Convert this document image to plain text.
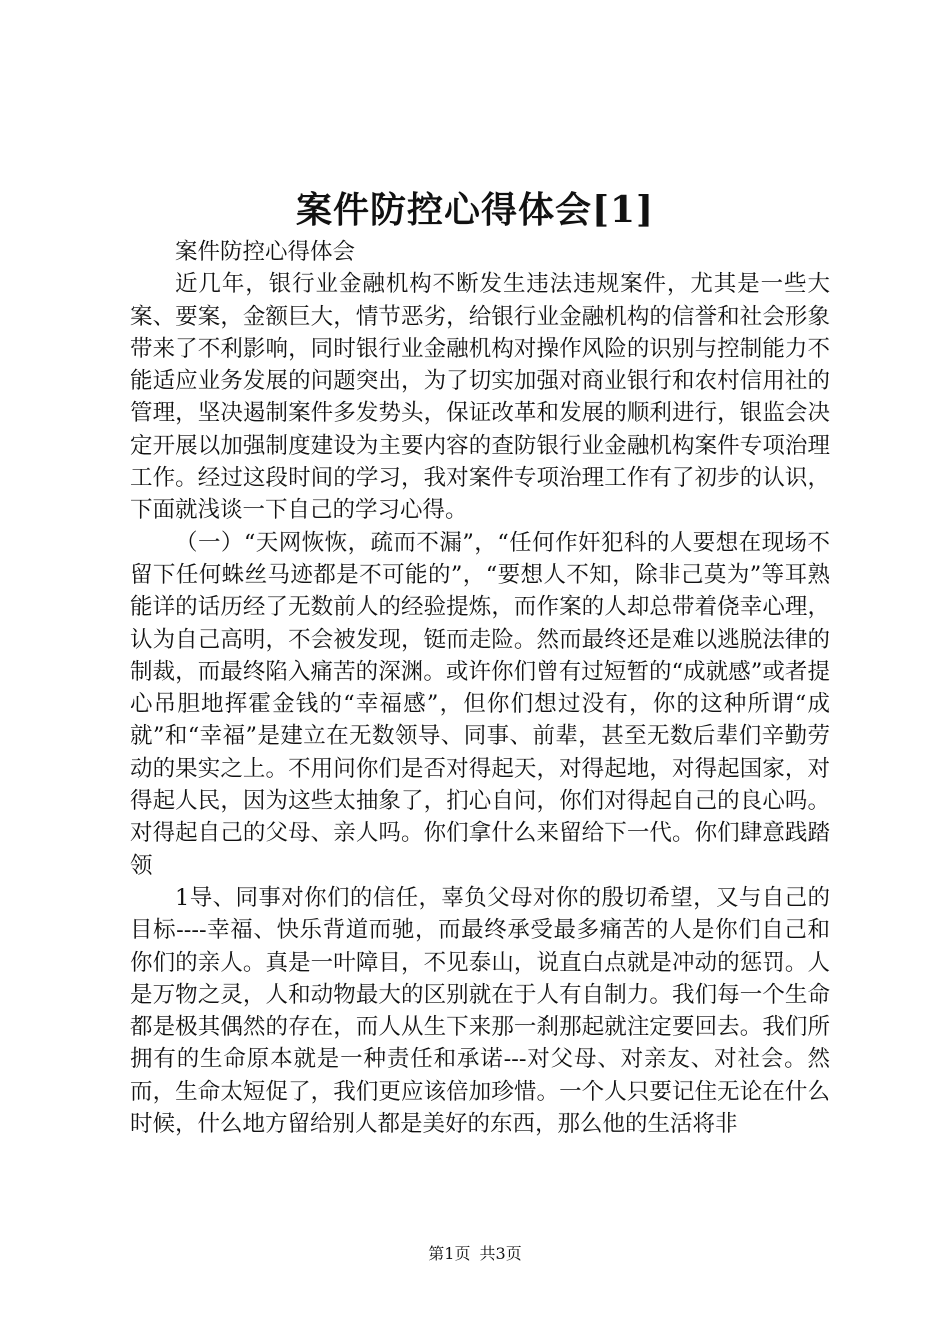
案件防控心得体会[1]

案件防控心得体会

近几年，银行业金融机构不断发生违法违规案件，尤其是一些大案、要案，金额巨大，情节恶劣，给银行业金融机构的信誉和社会形象带来了不利影响，同时银行业金融机构对操作风险的识别与控制能力不能适应业务发展的问题突出，为了切实加强对商业银行和农村信用社的管理，坚决遏制案件多发势头，保证改革和发展的顺利进行，银监会决定开展以加强制度建设为主要内容的查防银行业金融机构案件专项治理工作。经过这段时间的学习，我对案件专项治理工作有了初步的认识，下面就浅谈一下自己的学习心得。

（一）“天网恢恢，疏而不漏”，“任何作奸犯科的人要想在现场不留下任何蛛丝马迹都是不可能的”，“要想人不知，除非己莫为”等耳熟能详的话历经了无数前人的经验提炼，而作案的人却总带着侥幸心理，认为自己高明，不会被发现，铤而走险。然而最终还是难以逃脱法律的制裁，而最终陷入痛苦的深渊。或许你们曾有过短暂的“成就感”或者提心吊胆地挥霍金钱的“幸福感”，但你们想过没有，你的这种所谓“成就”和“幸福”是建立在无数领导、同事、前辈，甚至无数后辈们辛勤劳动的果实之上。不用问你们是否对得起天，对得起地，对得起国家，对得起人民，因为这些太抽象了，扪心自问，你们对得起自己的良心吗。对得起自己的父母、亲人吗。你们拿什么来留给下一代。你们肆意践踏领

1导、同事对你们的信任，辜负父母对你的殷切希望，又与自己的目标----幸福、快乐背道而驰，而最终承受最多痛苦的人是你们自己和你们的亲人。真是一叶障目，不见泰山，说直白点就是冲动的惩罚。人是万物之灵，人和动物最大的区别就在于人有自制力。我们每一个生命都是极其偶然的存在，而人从生下来那一刹那起就注定要回去。我们所拥有的生命原本就是一种责任和承诺---对父母、对亲友、对社会。然而，生命太短促了，我们更应该倍加珍惜。一个人只要记住无论在什么时候，什么地方留给别人都是美好的东西，那么他的生活将非

第1页 共3页
